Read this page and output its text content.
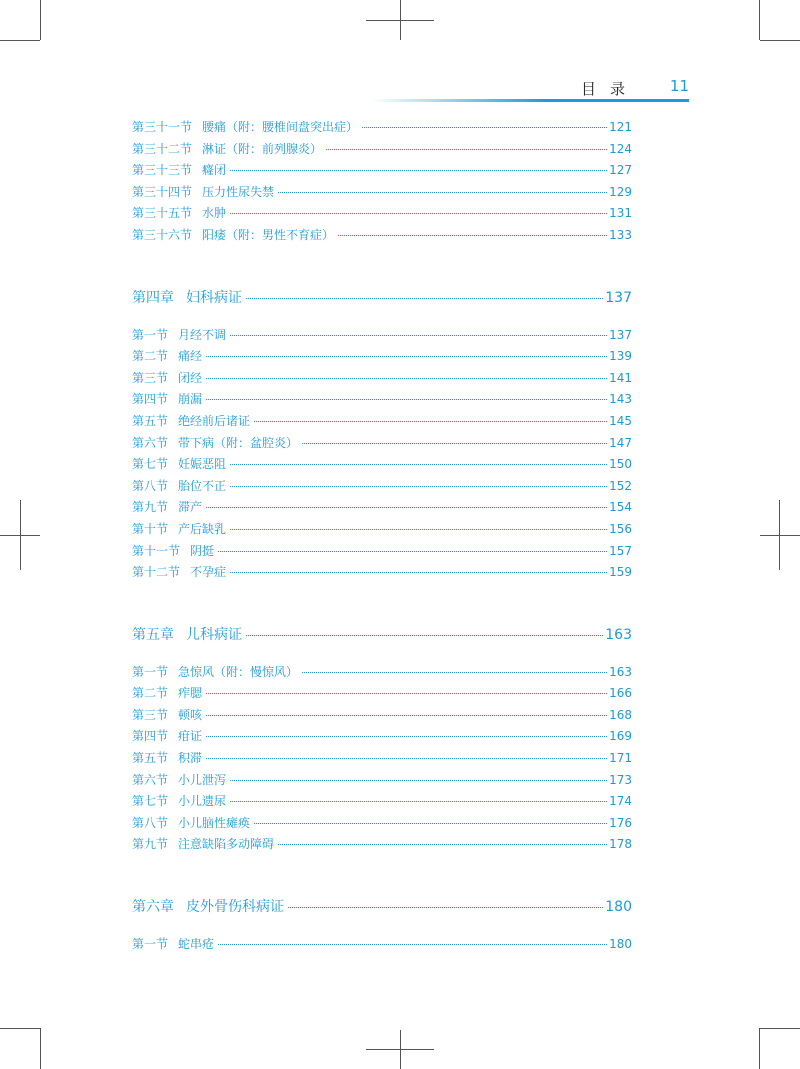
目录 11
第三十一节 腰痛（附：腰椎间盘突出症）	121
第三十二节 淋证（附：前列腺炎）	124
第三十三节 癃闭	127
第三十四节 压力性尿失禁	129
第三十五节 水肿	131
第三十六节 阳痿（附：男性不育症）	133
第四章 妇科病证	137
第一节 月经不调	137
第二节 痛经	139
第三节 闭经	141
第四节 崩漏	143
第五节 绝经前后诸证	145
第六节 带下病（附：盆腔炎）	147
第七节 妊娠恶阻	150
第八节 胎位不正	152
第九节 滞产	154
第十节 产后缺乳	156
第十一节 阴挺	157
第十二节 不孕症	159
第五章 儿科病证	163
第一节 急惊风（附：慢惊风）	163
第二节 痄腮	166
第三节 顿咳	168
第四节 疳证	169
第五节 积滞	171
第六节 小儿泄泻	173
第七节 小儿遗尿	174
第八节 小儿脑性瘫痪	176
第九节 注意缺陷多动障碍	178
第六章 皮外骨伤科病证	180
第一节 蛇串疮	180
